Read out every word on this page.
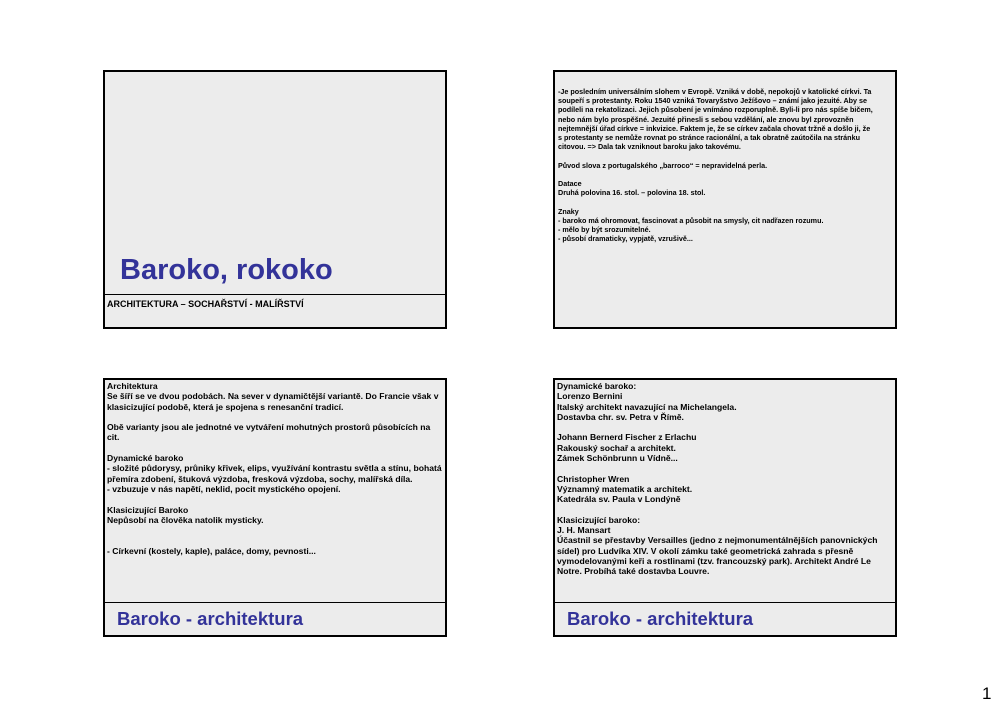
Baroko, rokoko
ARCHITEKTURA – SOCHAŘSTVÍ - MALÍŘSTVÍ

-Je posledním universálním slohem v Evropě. Vzniká v době, nepokojů v katolické církvi. Ta

soupeří s protestanty. Roku 1540 vzniká Tovaryšstvo Ježíšovo – známí jako jezuité. Aby se

podíleli na rekatolizaci. Jejich působení je vnímáno rozporuplně. Byli-li pro nás spíše bičem,

nebo nám bylo prospěšné. Jezuité přinesli s sebou vzdělání, ale znovu byl zprovozněn

nejtemnější úřad církve = inkvizice. Faktem je, že se církev začala chovat tržně a došlo ji, že

s protestanty se nemůže rovnat po stránce racionální, a tak obratně zaútočila na stránku

citovou. => Dala tak vzniknout baroku jako takovému.

Původ slova z portugalského „barroco“ = nepravidelná perla.

Datace

Druhá polovina 16. stol. – polovina 18. stol.

Znaky

- baroko má ohromovat, fascinovat a působit na smysly, cit nadřazen rozumu.

- mělo by být srozumitelné.

- působí dramaticky, vypjatě, vzrušivě...

Architektura

Se šíří se ve dvou podobách. Na sever v dynamičtější variantě. Do Francie však v

klasicizující podobě, která je spojena s renesanční tradicí.

Obě varianty jsou ale jednotné ve vytváření mohutných prostorů působících na

cit.

Dynamické baroko

- složité půdorysy, průniky křivek, elips, využívání kontrastu světla a stínu, bohatá

přemíra zdobení, štuková výzdoba, fresková výzdoba, sochy, malířská díla.

- vzbuzuje v nás napětí, neklid, pocit mystického opojení.

Klasicizující Baroko

Nepůsobí na člověka natolik mysticky.

- Církevní (kostely, kaple), paláce, domy, pevnosti...

Baroko - architektura

Dynamické baroko:

Lorenzo Bernini

Italský architekt navazující na Michelangela.

Dostavba chr. sv. Petra v Římě.

Johann Bernerd Fischer z Erlachu

Rakouský sochař a architekt.

Zámek Schönbrunn u Vídně...

Christopher Wren

Významný matematik a architekt.

Katedrála sv. Paula v Londýně

Klasicizující baroko:

J. H. Mansart

Účastnil se přestavby Versailles (jedno z nejmonumentálnějších panovnických

sídel) pro Ludvíka XIV. V okolí zámku také geometrická zahrada s přesně

vymodelovanými keři a rostlinami (tzv. francouzský park). Architekt André Le

Notre. Probíhá také dostavba Louvre.

Baroko - architektura
1
